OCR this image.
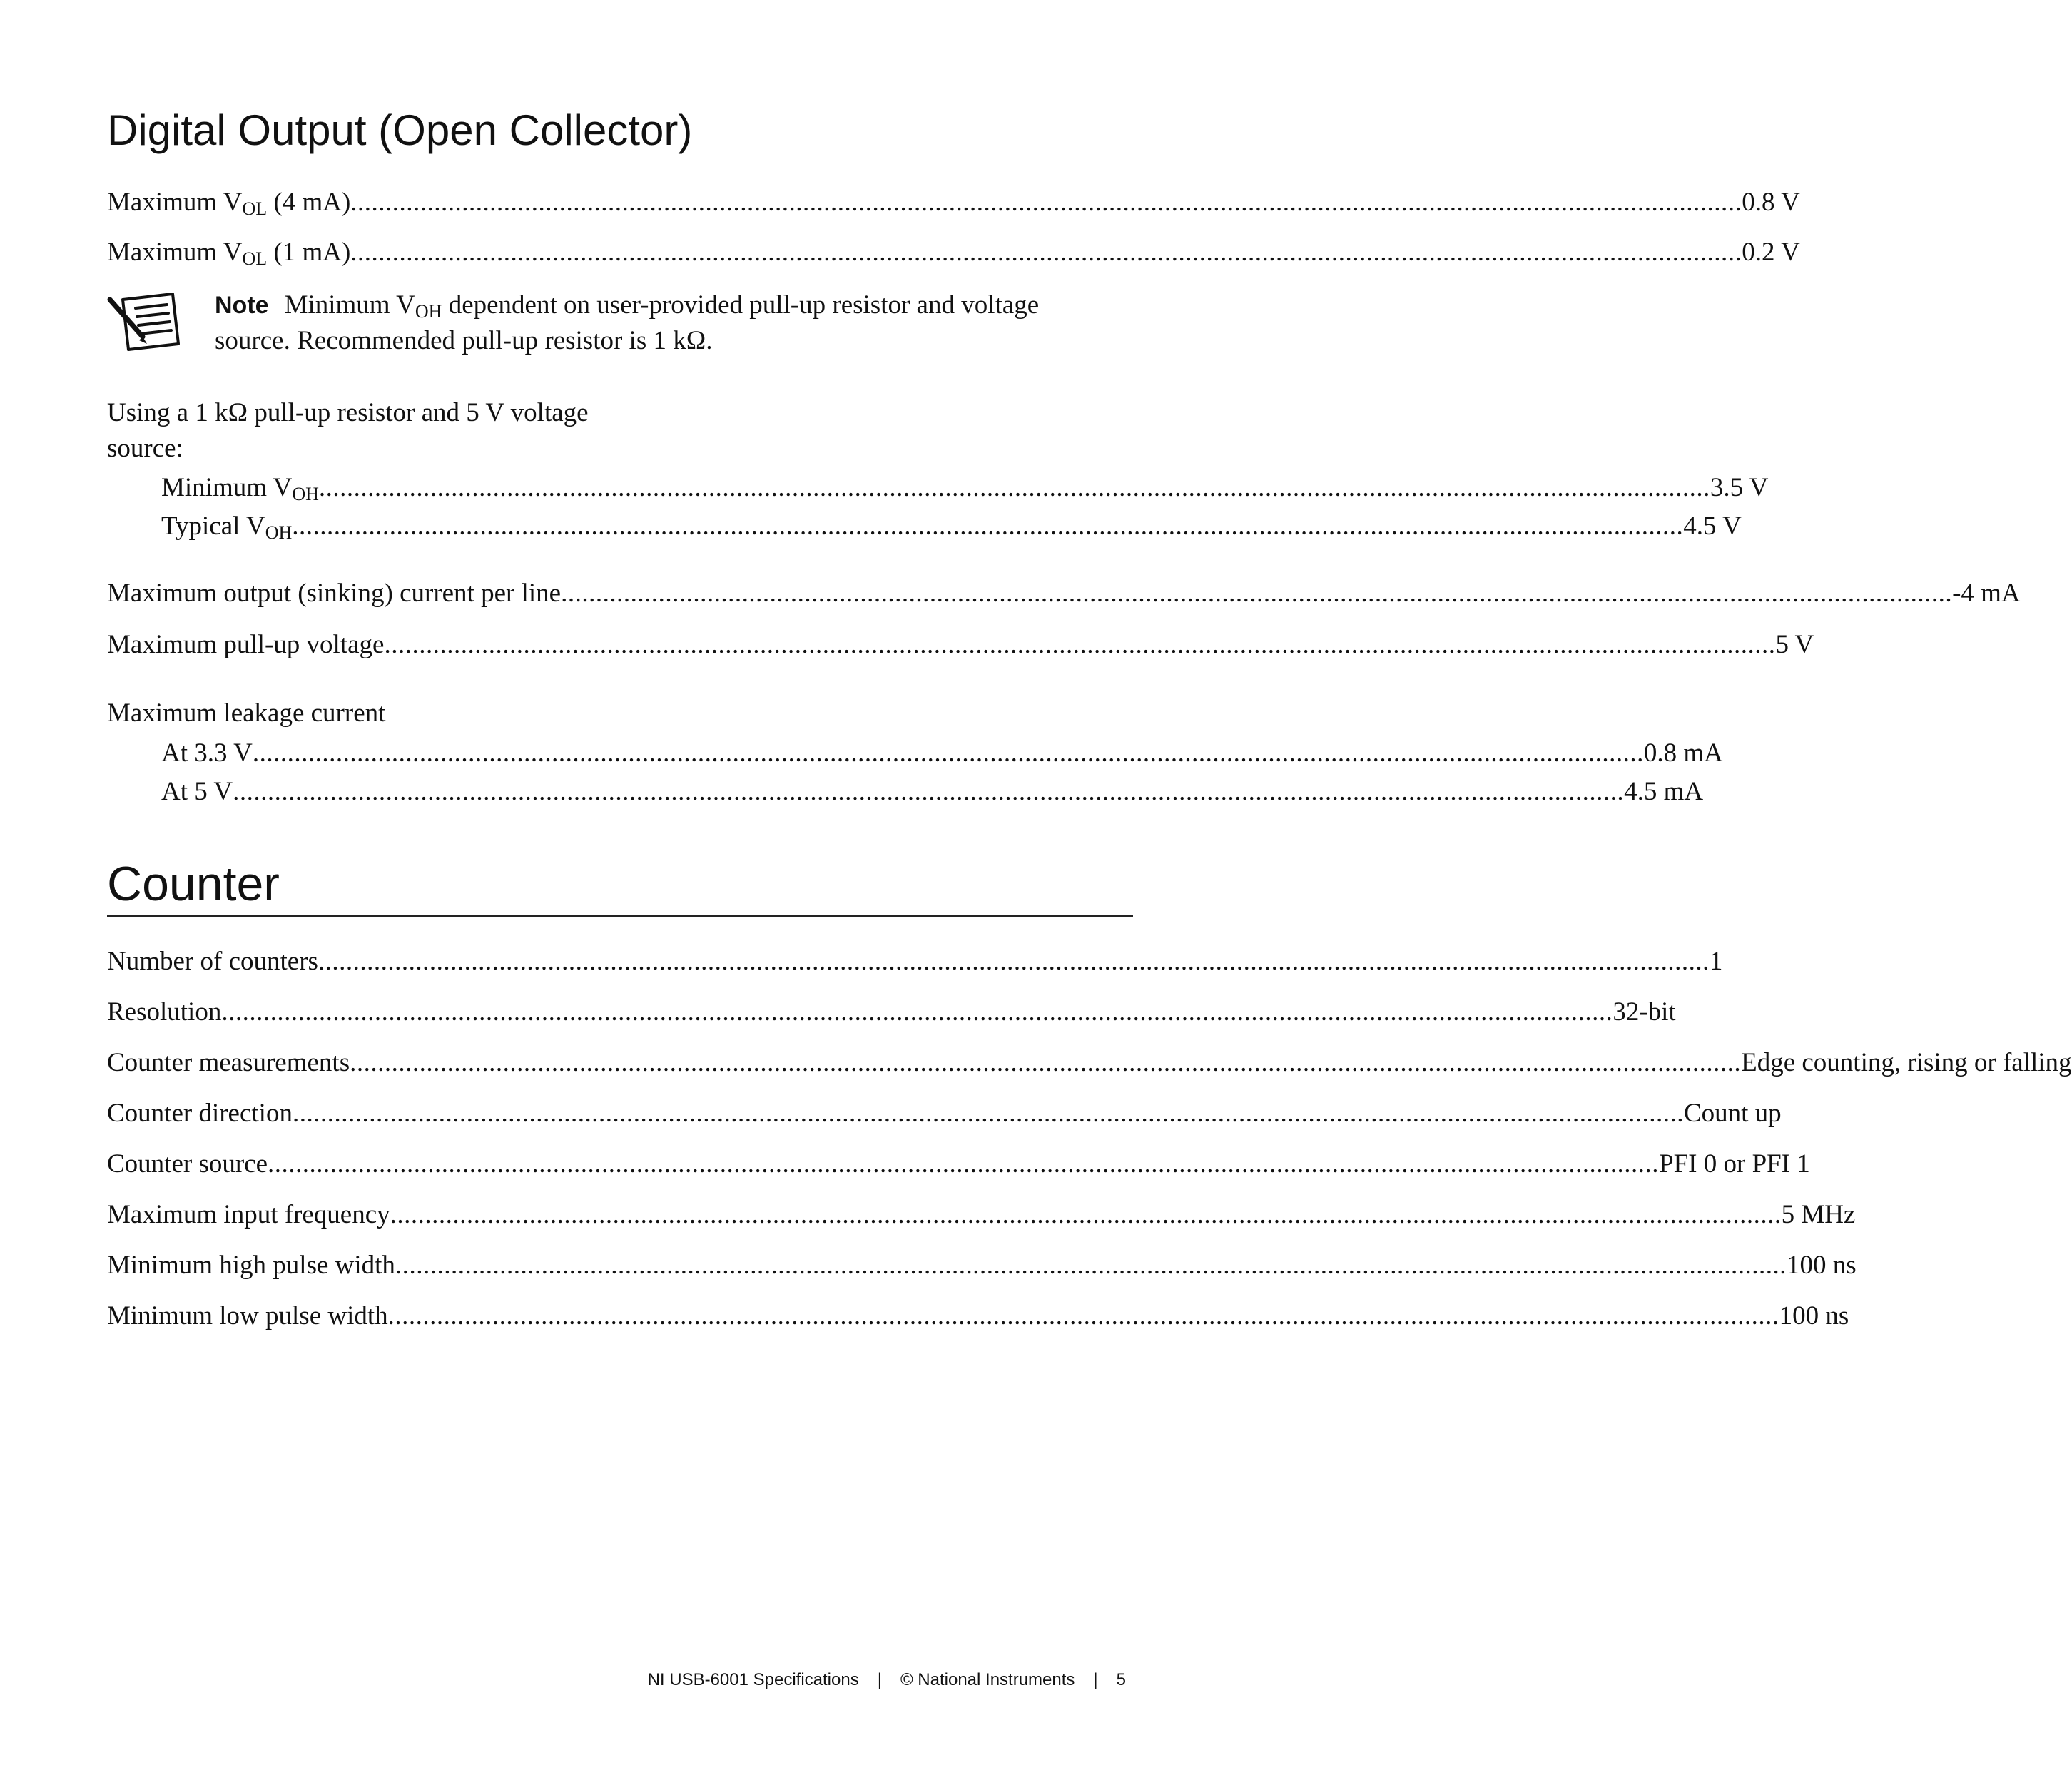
Digital Output (Open Collector)
Maximum $V_{OL}$ (4 mA) ........................................................................................................................................................................................................ 0.8 V
Maximum $V_{OL}$ (1 mA) ........................................................................................................................................................................................................ 0.2 V
Note Minimum $V_{OH}$ dependent on user-provided pull-up resistor and voltage
source. Recommended pull-up resistor is 1 kΩ.
Using a 1 kΩ pull-up resistor and 5 V voltage
source:
Minimum $V_{OH}$ ........................................................................................................................................................................................................ 3.5 V
Typical $V_{OH}$ ........................................................................................................................................................................................................ 4.5 V
Maximum output (sinking) current per line ........................................................................................................................................................................................................ -4 mA
Maximum pull-up voltage ........................................................................................................................................................................................................ 5 V
Maximum leakage current
At 3.3 V ........................................................................................................................................................................................................ 0.8 mA
At 5 V ........................................................................................................................................................................................................ 4.5 mA
Counter
Number of counters ........................................................................................................................................................................................................ 1
Resolution ........................................................................................................................................................................................................ 32-bit
Counter measurements ........................................................................................................................................................................................................ Edge counting, rising or falling
Counter direction ........................................................................................................................................................................................................ Count up
Counter source ........................................................................................................................................................................................................ PFI 0 or PFI 1
Maximum input frequency ........................................................................................................................................................................................................ 5 MHz
Minimum high pulse width ........................................................................................................................................................................................................ 100 ns
Minimum low pulse width ........................................................................................................................................................................................................ 100 ns
NI USB-6001 Specifications | © National Instruments | 5
